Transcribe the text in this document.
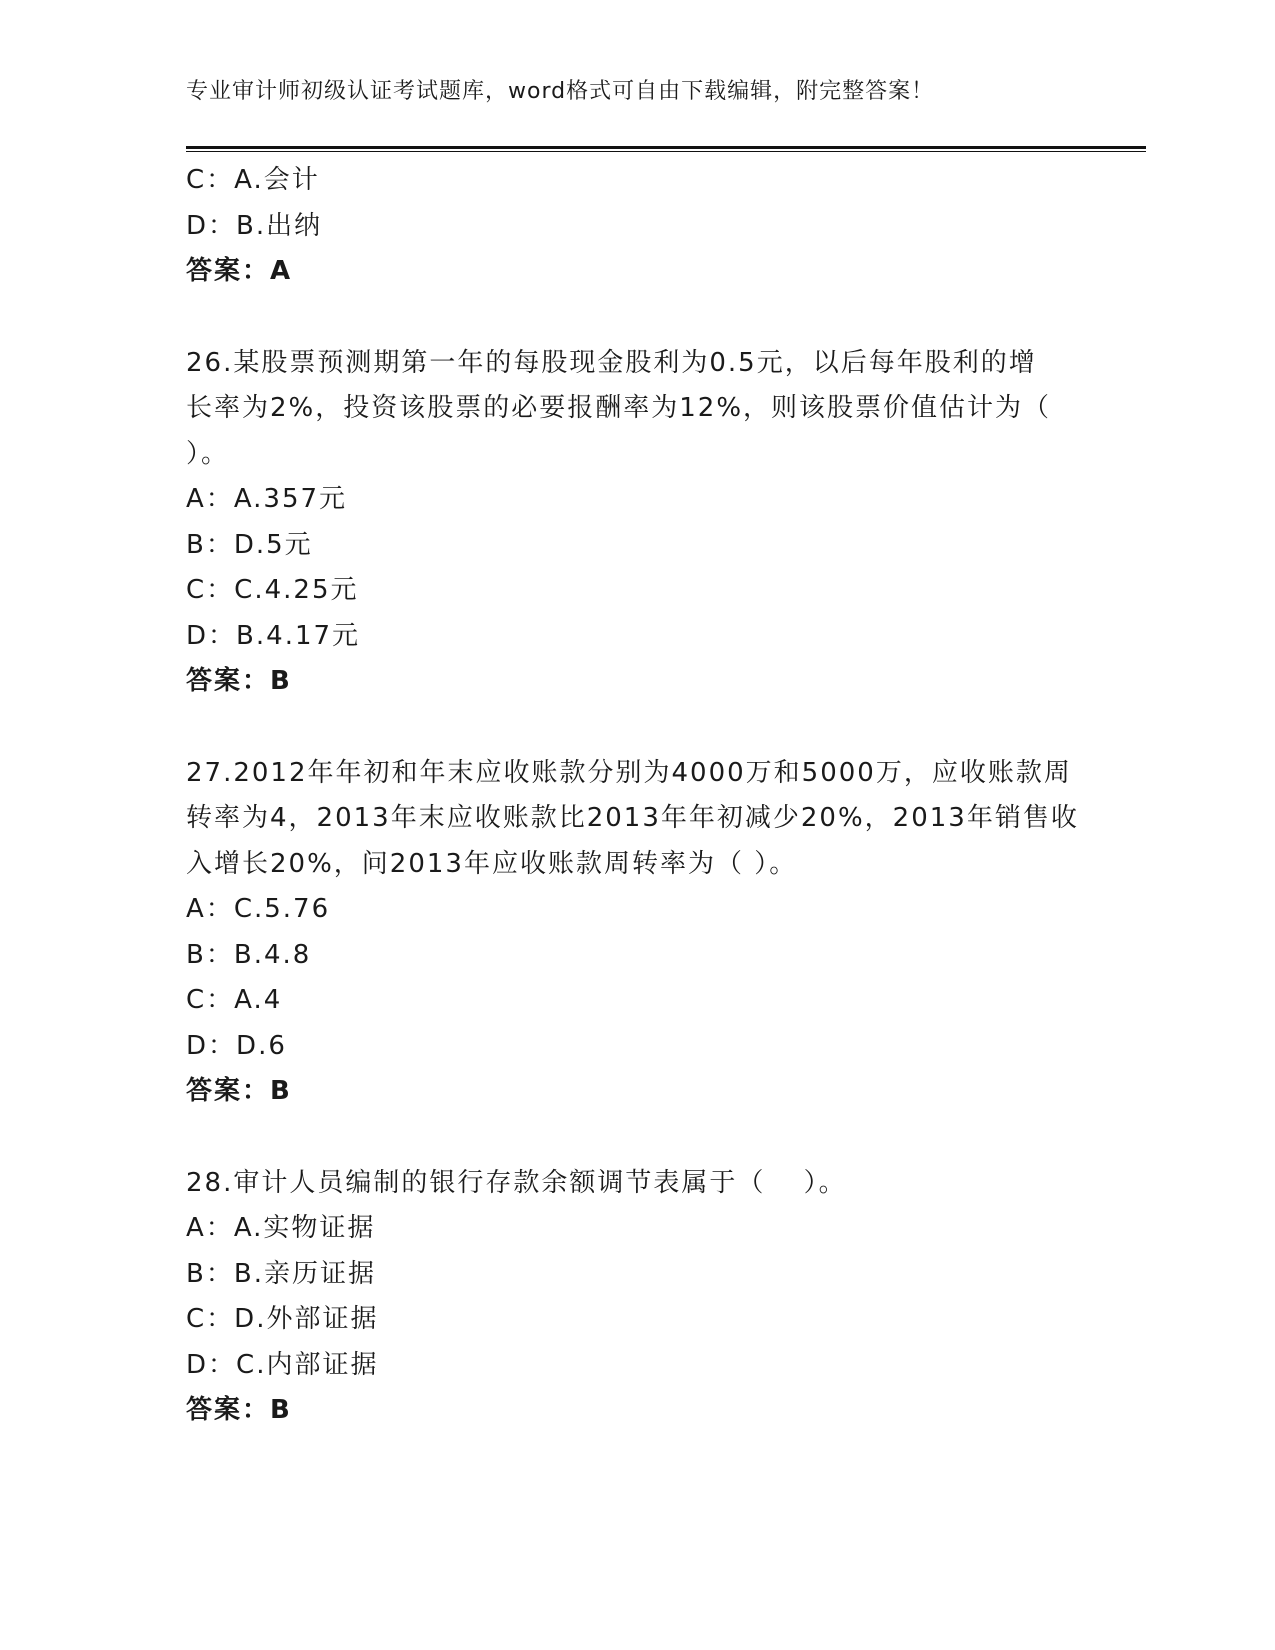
专业审计师初级认证考试题库，word格式可自由下载编辑，附完整答案！
C：A.会计
D：B.出纳
答案：A
26.某股票预测期第一年的每股现金股利为0.5元，以后每年股利的增
长率为2%，投资该股票的必要报酬率为12%，则该股票价值估计为（
）。
A：A.357元
B：D.5元
C：C.4.25元
D：B.4.17元
答案：B
27.2012年年初和年末应收账款分别为4000万和5000万，应收账款周
转率为4，2013年末应收账款比2013年年初减少20%，2013年销售收
入增长20%，问2013年应收账款周转率为（ ）。
A：C.5.76
B：B.4.8
C：A.4
D：D.6
答案：B
28.审计人员编制的银行存款余额调节表属于（　 ）。
A：A.实物证据
B：B.亲历证据
C：D.外部证据
D：C.内部证据
答案：B
